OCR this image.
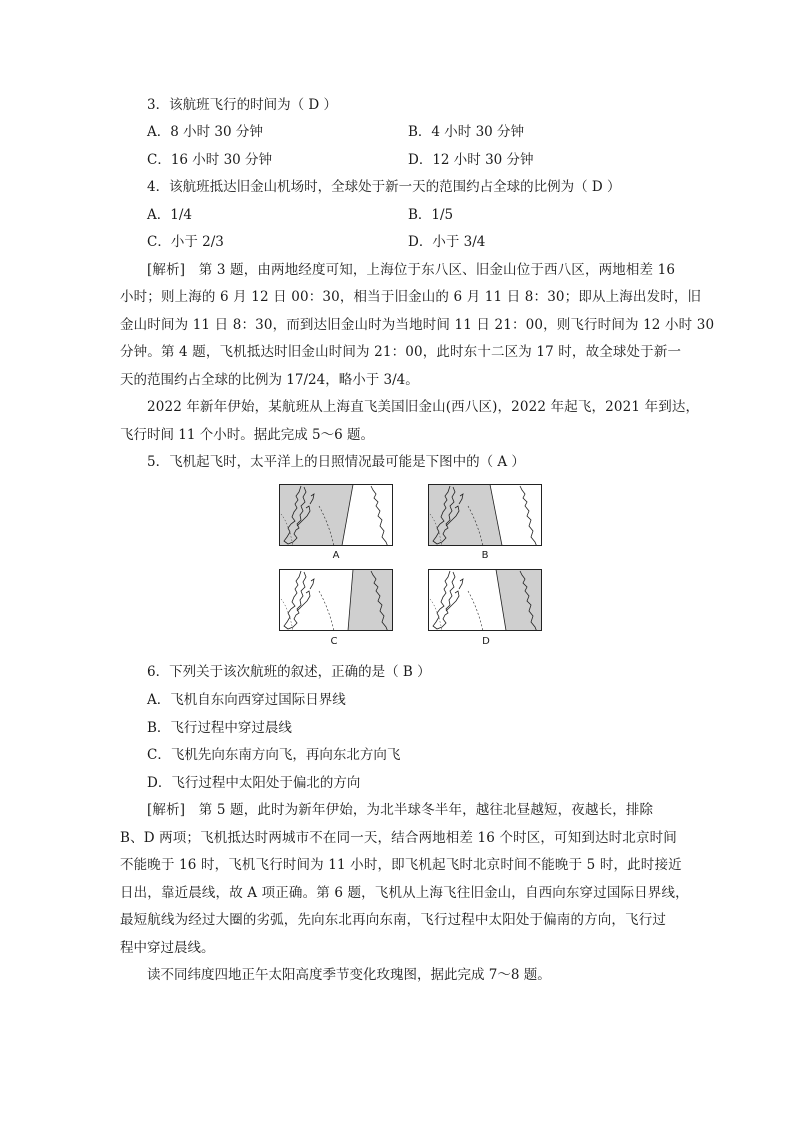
3．该航班飞行的时间为（ D ）
A．8 小时 30 分钟	B．4 小时 30 分钟
C．16 小时 30 分钟	D．12 小时 30 分钟
4．该航班抵达旧金山机场时，全球处于新一天的范围约占全球的比例为（ D ）
A．1/4	B．1/5
C．小于 2/3	D．小于 3/4
[解析]　第 3 题，由两地经度可知，上海位于东八区、旧金山位于西八区，两地相差 16
小时；则上海的 6 月 12 日 00：30，相当于旧金山的 6 月 11 日 8：30；即从上海出发时，旧
金山时间为 11 日 8：30，而到达旧金山时为当地时间 11 日 21：00，则飞行时间为 12 小时 30
分钟。第 4 题，飞机抵达时旧金山时间为 21：00，此时东十二区为 17 时，故全球处于新一
天的范围约占全球的比例为 17/24，略小于 3/4。
2022 年新年伊始，某航班从上海直飞美国旧金山(西八区)，2022 年起飞，2021 年到达，
飞行时间 11 个小时。据此完成 5～6 题。
5．飞机起飞时，太平洋上的日照情况最可能是下图中的（ A ）
A	B
C	D
6．下列关于该次航班的叙述，正确的是（ B ）
A．飞机自东向西穿过国际日界线
B．飞行过程中穿过晨线
C．飞机先向东南方向飞，再向东北方向飞
D．飞行过程中太阳处于偏北的方向
[解析]　第 5 题，此时为新年伊始，为北半球冬半年，越往北昼越短，夜越长，排除
B、D 两项；飞机抵达时两城市不在同一天，结合两地相差 16 个时区，可知到达时北京时间
不能晚于 16 时，飞机飞行时间为 11 小时，即飞机起飞时北京时间不能晚于 5 时，此时接近
日出，靠近晨线，故 A 项正确。第 6 题，飞机从上海飞往旧金山，自西向东穿过国际日界线，
最短航线为经过大圈的劣弧，先向东北再向东南，飞行过程中太阳处于偏南的方向，飞行过
程中穿过晨线。
读不同纬度四地正午太阳高度季节变化玫瑰图，据此完成 7～8 题。
